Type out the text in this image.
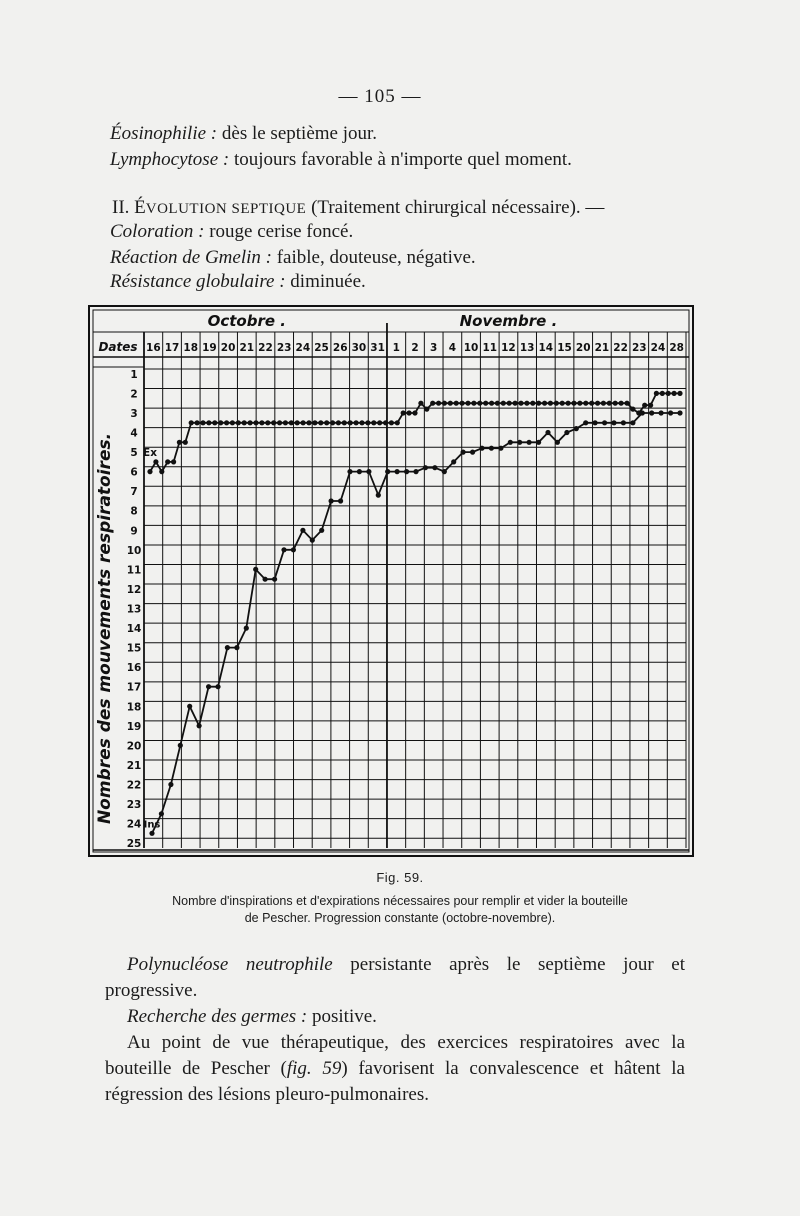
— 105 —
Éosinophilie : dès le septième jour.
Lymphocytose : toujours favorable à n'importe quel moment.
II. ÉVOLUTION SEPTIQUE (Traitement chirurgical nécessaire). —
Coloration : rouge cerise foncé.
Réaction de Gmelin : faible, douteuse, négative.
Résistance globulaire : diminuée.
Octobre .	Novembre .
Dates 16 17 18 19 20 21 22 23 24 25 26 30 31 1 2 3 4 10 11 12 13 14 15 20 21 22 23 24 28
1
2
3
4
5
6
7
8
9
10
11
12
13
14
15
16
17
18
19
20
21
22
23
24
25
Nombres des mouvements respiratoires.	Ex
Ins
Fig. 59.
Nombre d'inspirations et d'expirations nécessaires pour remplir et vider la bouteille
de Pescher. Progression constante (octobre-novembre).
Polynucléose neutrophile persistante après le septième jour et progressive.
Recherche des germes : positive.
Au point de vue thérapeutique, des exercices respiratoires avec la bouteille de Pescher (fig. 59) favorisent la convalescence et hâtent la régression des lésions pleuro-pulmonaires.
